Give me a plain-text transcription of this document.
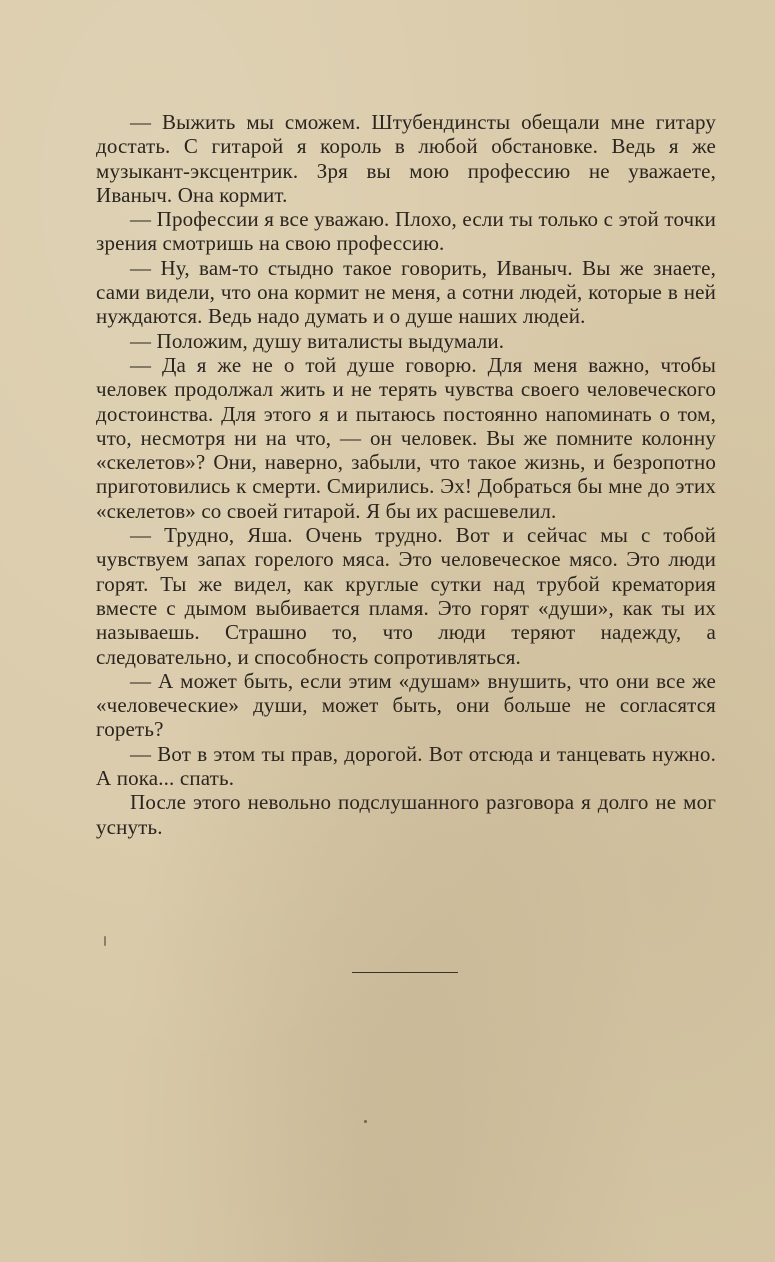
— Выжить мы сможем. Штубендинсты обещали мне гитару достать. С гитарой я король в любой обстановке. Ведь я же музыкант-эксцентрик. Зря вы мою профессию не уважаете, Иваныч. Она кормит.

— Профессии я все уважаю. Плохо, если ты только с этой точки зрения смотришь на свою профессию.

— Ну, вам-то стыдно такое говорить, Иваныч. Вы же знаете, сами видели, что она кормит не меня, а сотни людей, которые в ней нуждаются. Ведь надо думать и о душе наших людей.

— Положим, душу виталисты выдумали.

— Да я же не о той душе говорю. Для меня важно, чтобы человек продолжал жить и не терять чувства своего человеческого достоинства. Для этого я и пытаюсь постоянно напоминать о том, что, несмотря ни на что, — он человек. Вы же помните колонну «скелетов»? Они, наверно, забыли, что такое жизнь, и безропотно приготовились к смерти. Смирились. Эх! Добраться бы мне до этих «скелетов» со своей гитарой. Я бы их расшевелил.

— Трудно, Яша. Очень трудно. Вот и сейчас мы с тобой чувствуем запах горелого мяса. Это человеческое мясо. Это люди горят. Ты же видел, как круглые сутки над трубой крематория вместе с дымом выбивается пламя. Это горят «души», как ты их называешь. Страшно то, что люди теряют надежду, а следовательно, и способность сопротивляться.

— А может быть, если этим «душам» внушить, что они все же «человеческие» души, может быть, они больше не согласятся гореть?

— Вот в этом ты прав, дорогой. Вот отсюда и танцевать нужно. А пока... спать.

После этого невольно подслушанного разговора я долго не мог уснуть.
